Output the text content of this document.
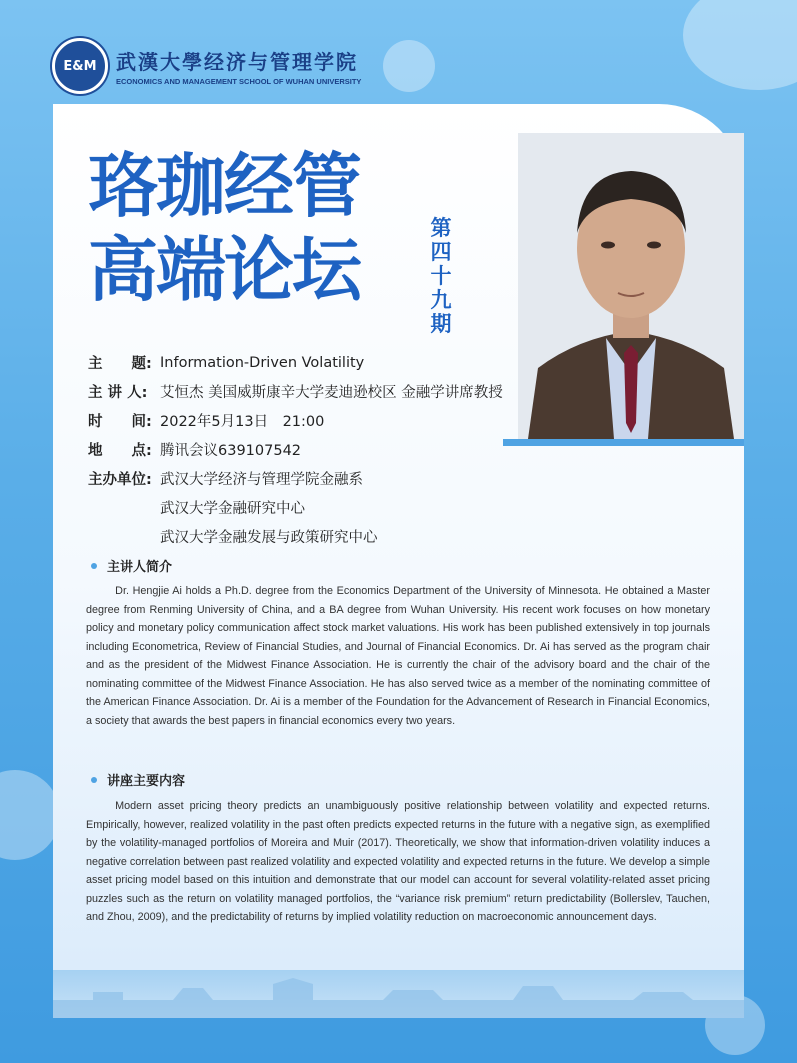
E&M 武漢大學经济与管理学院
ECONOMICS AND MANAGEMENT SCHOOL OF WUHAN UNIVERSITY
珞珈经管
高端论坛
第四十九期
主　　题: Information-Driven Volatility
主 讲 人: 艾恒杰 美国威斯康辛大学麦迪逊校区 金融学讲席教授
时　　间: 2022年5月13日　21:00
地　　点: 腾讯会议639107542
主办单位: 武汉大学经济与管理学院金融系
武汉大学金融研究中心
武汉大学金融发展与政策研究中心
主讲人简介
Dr. Hengjie Ai holds a Ph.D. degree from the Economics Department of the University of Minnesota. He obtained a Master degree from Renming University of China, and a BA degree from Wuhan University. His recent work focuses on how monetary policy and monetary policy communication affect stock market valuations. His work has been published extensively in top journals including Econometrica, Review of Financial Studies, and Journal of Financial Economics. Dr. Ai has served as the program chair and as the president of the Midwest Finance Association. He is currently the chair of the advisory board and the chair of the nominating committee of the Midwest Finance Association. He has also served twice as a member of the nominating committee of the American Finance Association. Dr. Ai is a member of the Foundation for the Advancement of Research in Financial Economics, a society that awards the best papers in financial economics every two years.
讲座主要内容
Modern asset pricing theory predicts an unambiguously positive relationship between volatility and expected returns. Empirically, however, realized volatility in the past often predicts expected returns in the future with a negative sign, as exemplified by the volatility-managed portfolios of Moreira and Muir (2017). Theoretically, we show that information-driven volatility induces a negative correlation between past realized volatility and expected volatility and expected returns in the future. We develop a simple asset pricing model based on this intuition and demonstrate that our model can account for several volatility-related asset pricing puzzles such as the return on volatility managed portfolios, the “variance risk premium” return predictability (Bollerslev, Tauchen, and Zhou, 2009), and the predictability of returns by implied volatility reduction on macroeconomic announcement days.
